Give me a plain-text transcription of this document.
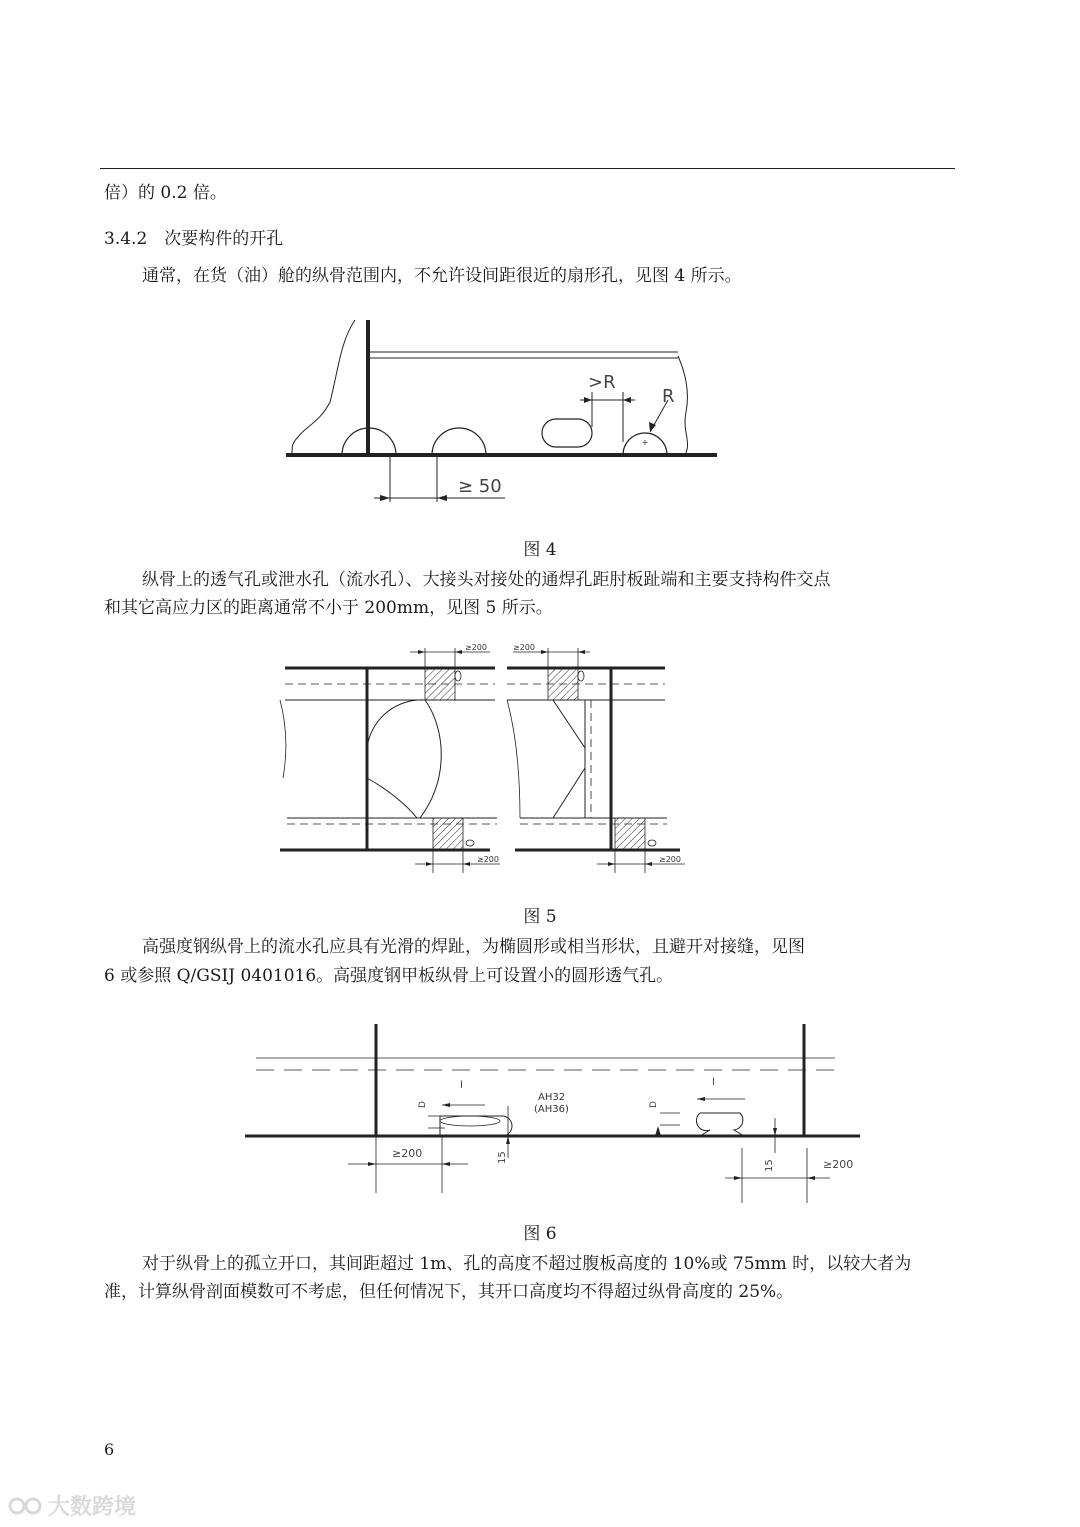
倍）的 0.2 倍。
3.4.2　次要构件的开孔
通常，在货（油）舱的纵骨范围内，不允许设间距很近的扇形孔，见图 4 所示。
+
>R
R
≥ 50
图 4
纵骨上的透气孔或泄水孔（流水孔）、大接头对接处的通焊孔距肘板趾端和主要支持构件交点
和其它高应力区的距离通常不小于 200mm，见图 5 所示。
≥200	≥200
≥200	≥200
图 5
高强度钢纵骨上的流水孔应具有光滑的焊趾，为椭圆形或相当形状，且避开对接缝，见图
6 或参照 Q/GSIJ 0401016。高强度钢甲板纵骨上可设置小的圆形透气孔。
l	l
D	D
AH32
(AH36)
≥200
≥200
15
15
图 6
对于纵骨上的孤立开口，其间距超过 1m、孔的高度不超过腹板高度的 10%或 75mm 时，以较大者为
准，计算纵骨剖面模数可不考虑，但任何情况下，其开口高度均不得超过纵骨高度的 25%。
6
大数跨境
